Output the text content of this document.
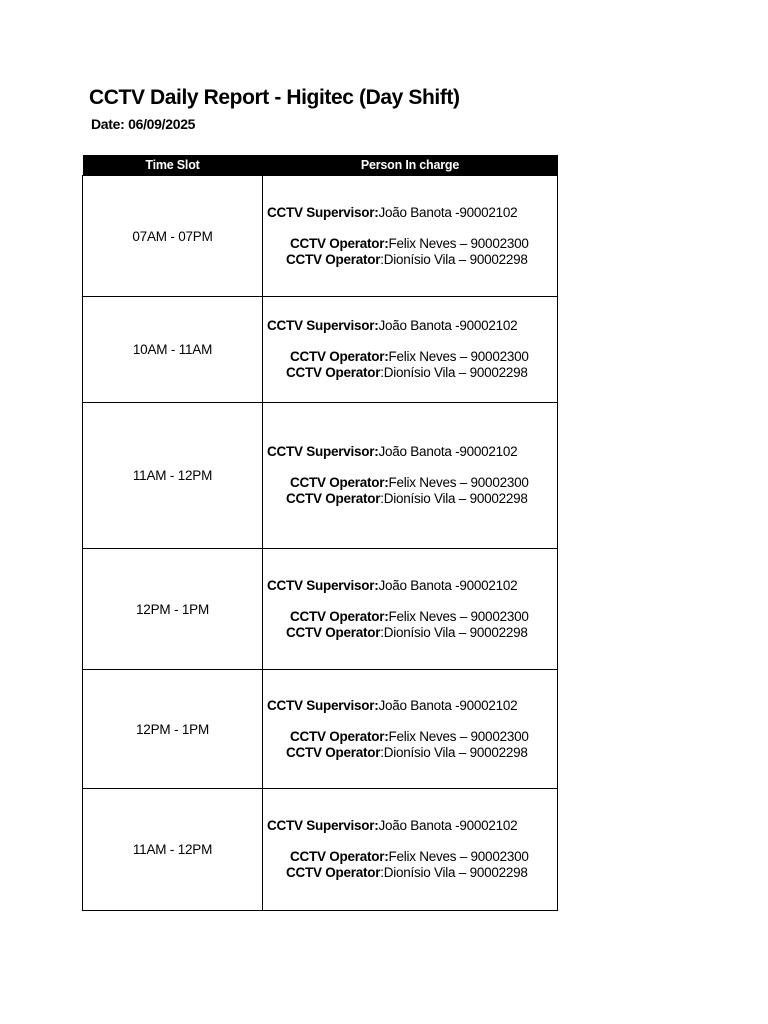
CCTV Daily Report - Higitec (Day Shift)
Date: 06/09/2025
Time Slot	Person In charge
07AM - 07PM	CCTV Supervisor:João Banota -90002102
CCTV Operator:Felix Neves – 90002300
CCTV Operator:Dionísio Vila – 90002298

10AM - 11AM	CCTV Supervisor:João Banota -90002102
CCTV Operator:Felix Neves – 90002300
CCTV Operator:Dionísio Vila – 90002298

11AM - 12PM	CCTV Supervisor:João Banota -90002102
CCTV Operator:Felix Neves – 90002300
CCTV Operator:Dionísio Vila – 90002298

12PM - 1PM	CCTV Supervisor:João Banota -90002102
CCTV Operator:Felix Neves – 90002300
CCTV Operator:Dionísio Vila – 90002298

12PM - 1PM	CCTV Supervisor:João Banota -90002102
CCTV Operator:Felix Neves – 90002300
CCTV Operator:Dionísio Vila – 90002298

11AM - 12PM	CCTV Supervisor:João Banota -90002102
CCTV Operator:Felix Neves – 90002300
CCTV Operator:Dionísio Vila – 90002298
